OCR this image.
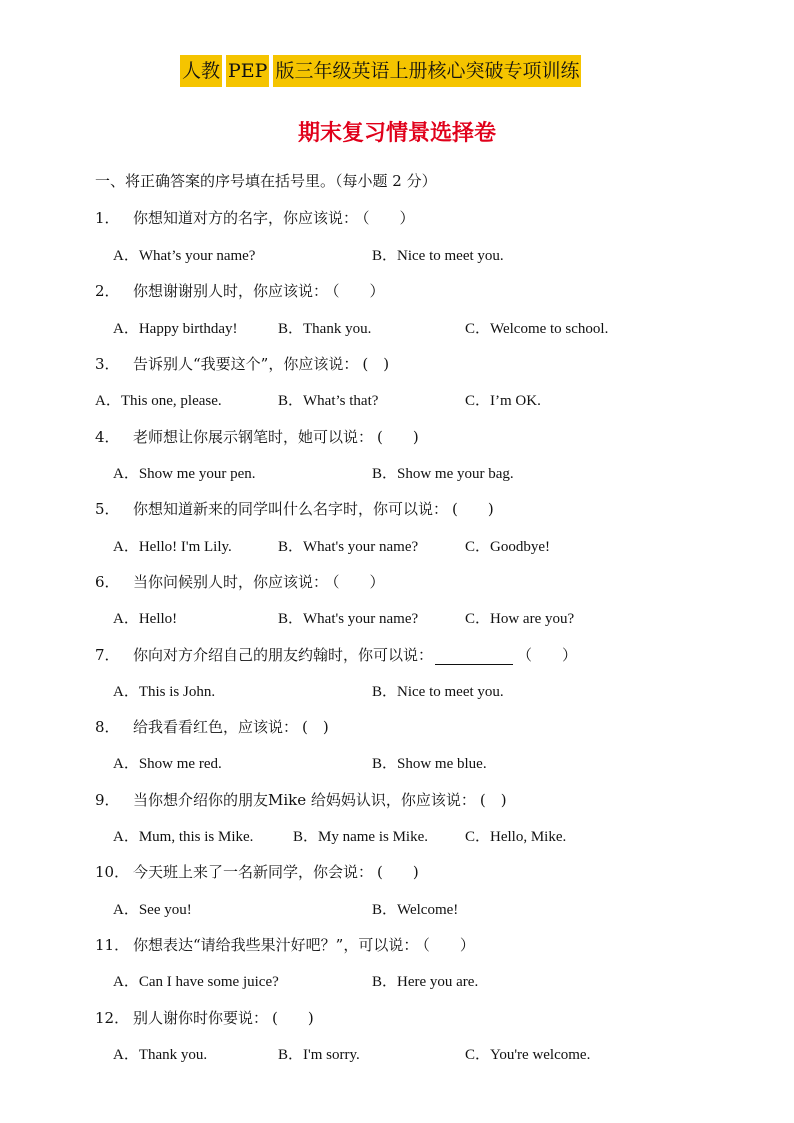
人教 PEP 版三年级英语上册核心突破专项训练
期末复习情景选择卷
一、将正确答案的序号填在括号里。（每小题 2 分）
1． 你想知道对方的名字，你应该说： （　　）
A．What’s your name?	B．Nice to meet you.
2． 你想谢谢别人时，你应该说： （　　）
A．Happy birthday!	B．Thank you.	C．Welcome to school.
3． 告诉别人“我要这个”，你应该说： (　)
A．This one, please.	B．What’s that?	C．I’m OK.
4． 老师想让你展示钢笔时，她可以说： (　　)
A．Show me your pen.	B．Show me your bag.
5． 你想知道新来的同学叫什么名字时，你可以说： (　　)
A．Hello! I'm Lily.	B．What's your name?	C．Goodbye!
6． 当你问候别人时，你应该说： （　　）
A．Hello!	B．What's your name?	C．How are you?
7． 你向对方介绍自己的朋友约翰时，你可以说：	（　　）
A．This is John.	B．Nice to meet you.
8． 给我看看红色，应该说： (　)
A．Show me red.	B．Show me blue.
9． 当你想介绍你的朋友Mike 给妈妈认识，你应该说： (　)
A．Mum, this is Mike.	B．My name is Mike. C．Hello, Mike.
10． 今天班上来了一名新同学，你会说： (　　)
A．See you!	B．Welcome!
11． 你想表达“请给我些果汁好吧？”，可以说： （　　）
A．Can I have some juice?	B．Here you are.
12． 别人谢你时你要说： (　　)
A．Thank you.	B．I'm sorry.	C．You're welcome.
